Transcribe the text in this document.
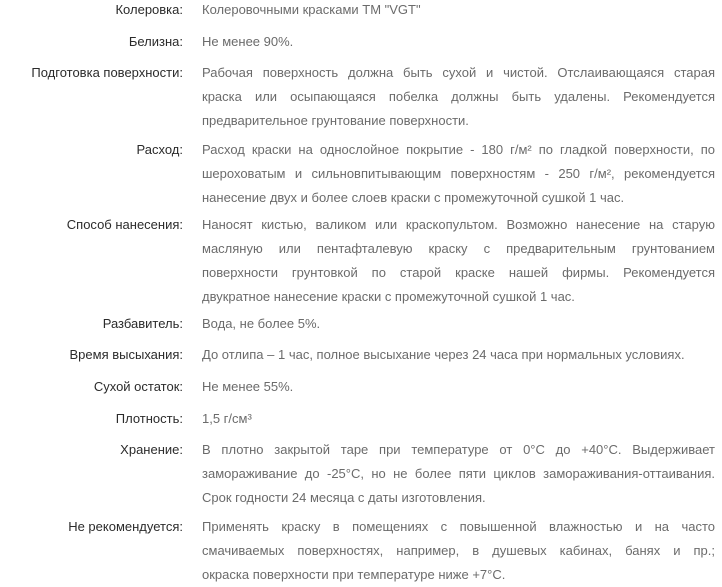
Колеровка: Колеровочными красками ТМ "VGT"
Белизна: Не менее 90%.
Подготовка поверхности: Рабочая поверхность должна быть сухой и чистой. Отслаивающаяся старая
краска или осыпающаяся побелка должны быть удалены. Рекомендуется
предварительное грунтование поверхности.
Расход: Расход краски на однослойное покрытие - 180 г/м² по гладкой поверхности, по
шероховатым и сильновпитывающим поверхностям - 250 г/м², рекомендуется
нанесение двух и более слоев краски с промежуточной сушкой 1 час.
Способ нанесения: Наносят кистью, валиком или краскопультом. Возможно нанесение на старую
масляную или пентафталевую краску с предварительным грунтованием
поверхности грунтовкой по старой краске нашей фирмы. Рекомендуется
двукратное нанесение краски с промежуточной сушкой 1 час.
Разбавитель: Вода, не более 5%.
Время высыхания: До отлипа – 1 час, полное высыхание через 24 часа при нормальных условиях.
Сухой остаток: Не менее 55%.
Плотность: 1,5 г/см³
Хранение: В плотно закрытой таре при температуре от 0°С до +40°С. Выдерживает
замораживание до -25°С, но не более пяти циклов замораживания-оттаивания.
Срок годности 24 месяца с даты изготовления.
Не рекомендуется: Применять краску в помещениях с повышенной влажностью и на часто
смачиваемых поверхностях, например, в душевых кабинах, банях и пр.;
окраска поверхности при температуре ниже +7°С.
